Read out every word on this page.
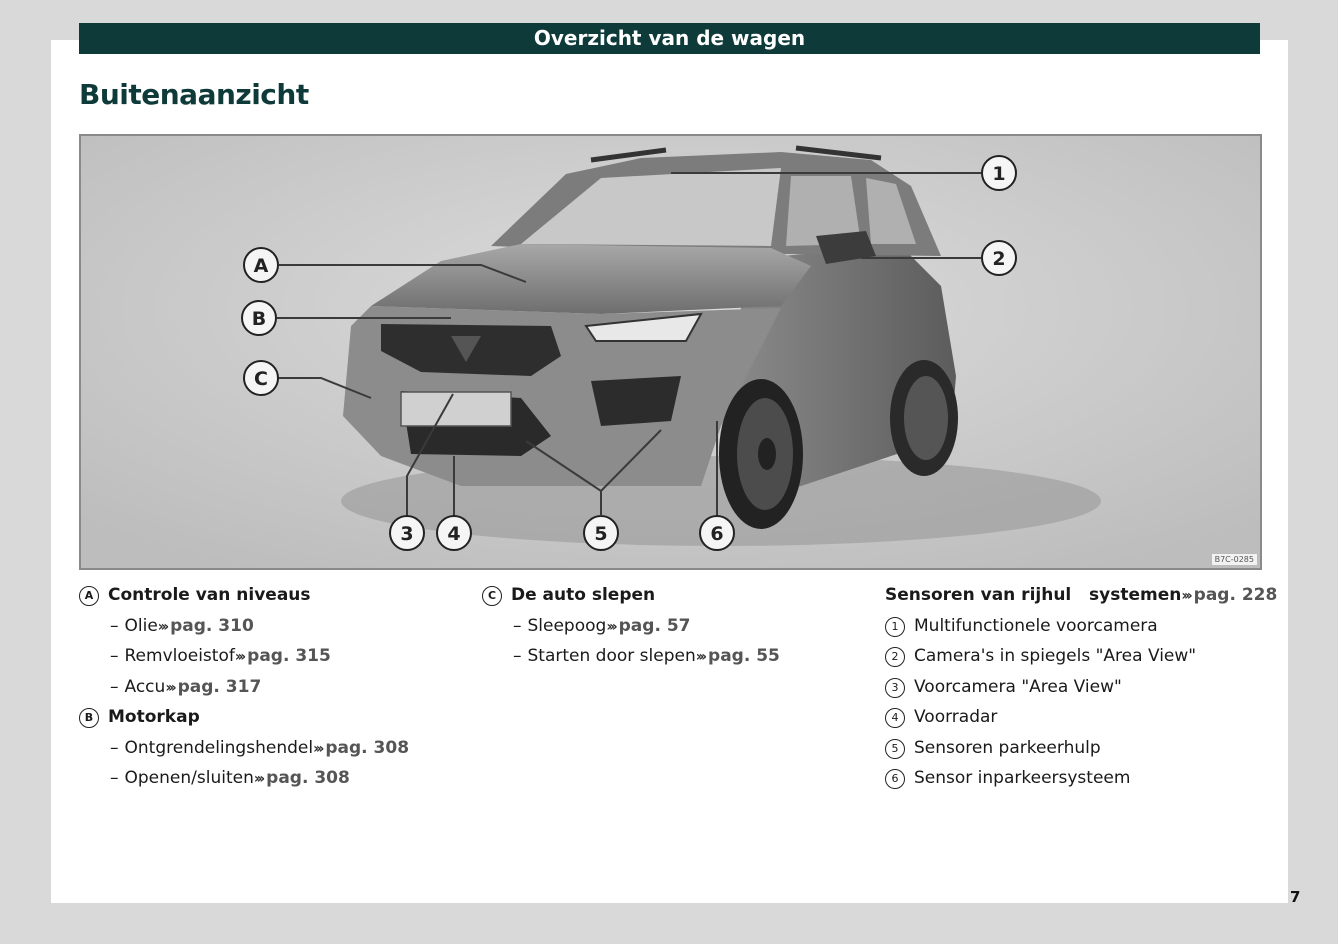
Overzicht van de wagen
Buitenaanzicht
1
2
3 4	5	6
A
B
C
B7C-0285
A Controle van niveaus
– Olie››› pag. 310
– Remvloeistof››› pag. 315
– Accu››› pag. 317
B Motorkap
– Ontgrendelingshendel››› pag. 308
– Openen/sluiten››› pag. 308
C De auto slepen
– Sleepoog››› pag. 57
– Starten door slepen››› pag. 55
Sensoren van rijhul   systemen››› pag. 228
1 Multifunctionele voorcamera
2 Camera's in spiegels "Area View"
3 Voorcamera "Area View"
4 Voorradar
5 Sensoren parkeerhulp
6 Sensor inparkeersysteem
7
